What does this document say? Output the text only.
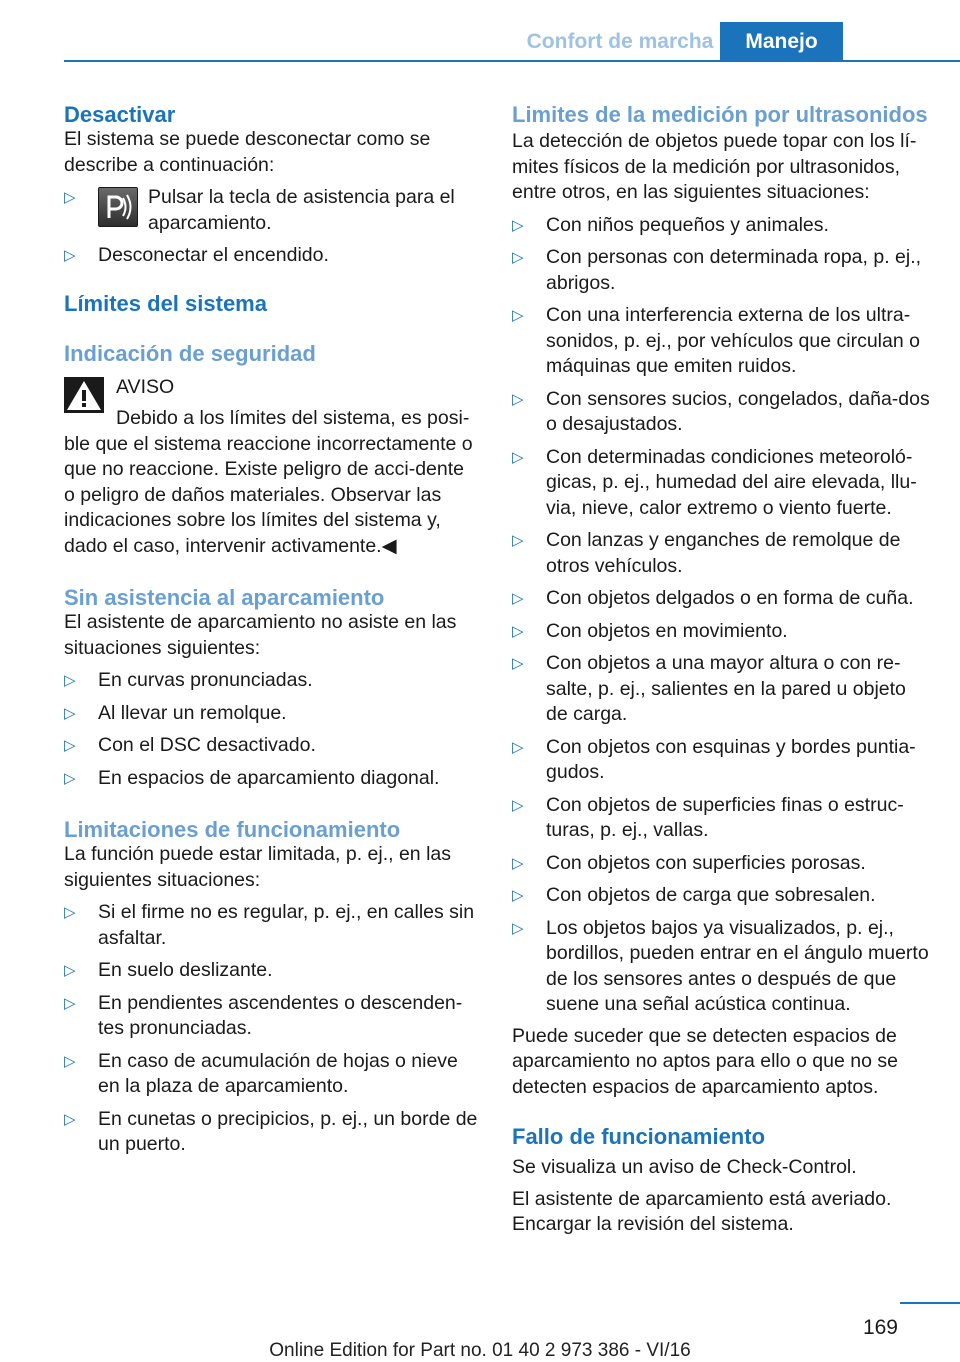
Confort de marcha	Manejo
Desactivar

El sistema se puede desconectar como se describe a continuación:

▷	Pulsar la tecla de asistencia para el aparcamiento.
▷ Desconectar el encendido.
Límites del sistema
Indicación de seguridad

AVISO

Debido a los límites del sistema, es posi-ble que el sistema reaccione incorrectamente o que no reaccione. Existe peligro de acci-dente o peligro de daños materiales. Observar las indicaciones sobre los límites del sistema y, dado el caso, intervenir activamente.◀

Sin asistencia al aparcamiento

El asistente de aparcamiento no asiste en las situaciones siguientes:

▷ En curvas pronunciadas.
▷ Al llevar un remolque.
▷ Con el DSC desactivado.
▷ En espacios de aparcamiento diagonal.
Limitaciones de funcionamiento

La función puede estar limitada, p. ej., en las siguientes situaciones:

▷ Si el firme no es regular, p. ej., en calles sin asfaltar.
▷ En suelo deslizante.
▷ En pendientes ascendentes o descenden-tes pronunciadas.
▷ En caso de acumulación de hojas o nieve en la plaza de aparcamiento.
▷ En cunetas o precipicios, p. ej., un borde de un puerto.
Limites de la medición por ultrasonidos

La detección de objetos puede topar con los lí-mites físicos de la medición por ultrasonidos, entre otros, en las siguientes situaciones:

▷ Con niños pequeños y animales.
▷ Con personas con determinada ropa, p. ej., abrigos.
▷ Con una interferencia externa de los ultra-sonidos, p. ej., por vehículos que circulan o máquinas que emiten ruidos.
▷ Con sensores sucios, congelados, daña-dos o desajustados.
▷ Con determinadas condiciones meteoroló-gicas, p. ej., humedad del aire elevada, llu-via, nieve, calor extremo o viento fuerte.
▷ Con lanzas y enganches de remolque de otros vehículos.
▷ Con objetos delgados o en forma de cuña.
▷ Con objetos en movimiento.
▷ Con objetos a una mayor altura o con re-salte, p. ej., salientes en la pared u objeto de carga.
▷ Con objetos con esquinas y bordes puntia-gudos.
▷ Con objetos de superficies finas o estruc-turas, p. ej., vallas.
▷ Con objetos con superficies porosas.
▷ Con objetos de carga que sobresalen.
▷ Los objetos bajos ya visualizados, p. ej., bordillos, pueden entrar en el ángulo muerto de los sensores antes o después de que suene una señal acústica continua.

Puede suceder que se detecten espacios de aparcamiento no aptos para ello o que no se detecten espacios de aparcamiento aptos.

Fallo de funcionamiento

Se visualiza un aviso de Check-Control.

El asistente de aparcamiento está averiado. Encargar la revisión del sistema.

169
Online Edition for Part no. 01 40 2 973 386 - VI/16
